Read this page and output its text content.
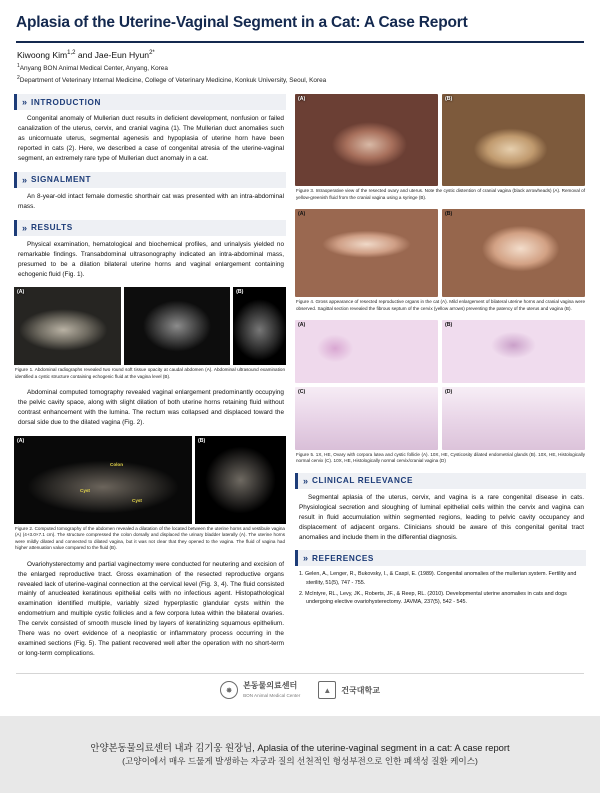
Aplasia of the Uterine-Vaginal Segment in a Cat: A Case Report
Kiwoong Kim$^{1,2}$ and Jae-Eun Hyun$^{2*}$
$^1$Anyang BON Animal Medical Center, Anyang, Korea
$^2$Department of Veterinary Internal Medicine, College of Veterinary Medicine, Konkuk University, Seoul, Korea
» INTRODUCTION
Congenital anomaly of Mullerian duct results in deficient development, nonfusion or failed canalization of the uterus, cervix, and cranial vagina (1). The Mullerian duct anomalies such as unicornuate uterus, segmental agenesis and hypoplasia of uterine horn have been reported in cats (2). Here, we described a case of congenital atresia of the uterine-vaginal segment, an extremely rare type of Mullerian duct anomaly in a cat.
» SIGNALMENT
An 8-year-old intact female domestic shorthair cat was presented with an intra-abdominal mass.
» RESULTS
Physical examination, hematological and biochemical profiles, and urinalysis yielded no remarkable findings. Transabdominal ultrasonography indicated an intra-abdominal mass, presumed to be a dilation bilateral uterine horns and vaginal enlargement containing echogenic fluid (Fig. 1).
(A)	(B)
Figure 1. Abdominal radiographs revealed two round soft tissue opacity at caudal abdomen (A). Abdominal ultrasound examination identified a cystic structure containing echogenic fluid at the vagina level (B).
Abdominal computed tomography revealed vaginal enlargement predominantly occupying the pelvic cavity space, along with slight dilation of both uterine horns retaining fluid without contrast enhancement with the lumina. The rectum was collapsed and displaced toward the dorsal side due to the dilated vagina (Fig. 2).
(A)
Colon
Cyst
Cyst
(B)
Figure 2. Computed tomography of the abdomen revealed a dilatation of the located between the uterine horns and vestibule vagina (A) (4+3.0×7.1 cm). The structure compressed the colon dorsally and displaced the urinary bladder laterally (A). The uterine horns were mildly dilated and connected to dilated vagina, but it was not clear that they opened to the vagina. The fluid of vagina had higher attenuation value compared to the fluid (B).
Ovariohysterectomy and partial vaginectomy were conducted for neutering and excision of the enlarged reproductive tract. Gross examination of the resected reproductive organs revealed lack of uterine-vaginal connection at the cervical level (Fig. 3, 4). The fluid consisted mainly of anucleated keratinous epithelial cells with no infectious agent. Histopathological examination identified multiple, variably sized hyperplastic glandular cysts within the endometrium and multiple cystic follicles and a few corpora lutea within the bilateral ovaries. The cervix consisted of smooth muscle lined by layers of keratinizing squamous epithelium. There was no overt evidence of a neoplastic or inflammatory process occurring in the examined sections (Fig. 5). The patient recovered well after the operation with no short-term or long-term complications.
(A)	(B)
Figure 3. Intraoperative view of the resected ovary and uterus. Note the cystic distention of cranial vagina (black arrowheads) (A). Removal of yellow-greenish fluid from the cranial vagina using a syringe (B).
(A)	(B)
Figure 4. Gross appearance of resected reproductive organs in the cat (A). Mild enlargement of bilateral uterine horns and cranial vagina were observed. Sagittal section revealed the fibrous septum of the cervix (yellow arrows) preventing the patency of the uterus and vagina (B).
(A)	(B)
(C)	(D)
Figure 5. 1X, HE, Ovary with corpora lutea and cystic follicle (A). 10X, HE, Cysticosity dilated endometrial glands (B). 10X, HE, Histologically normal cervix (C). 10X, HE, Histologically normal cervix/cranial vagina (D)
» CLINICAL RELEVANCE
Segmental aplasia of the uterus, cervix, and vagina is a rare congenital disease in cats. Physiological secretion and sloughing of luminal epithelial cells within the cervix and vagina can result in fluid accumulation within segmented regions, leading to pelvic cavity occupancy and displacement of adjacent organs. Clinicians should be aware of this congenital genital tract anomalies and include them in the differential diagnosis.
» REFERENCES

1. Gelen, A., Lenger, R., Bukovsky, I., & Caspi, E. (1989). Congenital anomalies of the mullerian system. Fertility and sterility, 51(5), 747 - 755.

2. McIntyre, RL., Levy, JK., Roberts, JF., & Reep, RL. (2010). Developmental uterine anomalies in cats and dogs undergoing elective ovariohysterectomy. JAVMA, 237(5), 542 - 545.

✸
본동물의료센터
BON Animal Medical Center
▲	건국대학교
안양본동물의료센터 내과 김기웅 원장님, Aplasia of the uterine-vaginal segment in a cat: A case report
(고양이에서 매우 드물게 발생하는 자궁과 질의 선천적인 형성부전으로 인한 폐색성 질환 케이스)
